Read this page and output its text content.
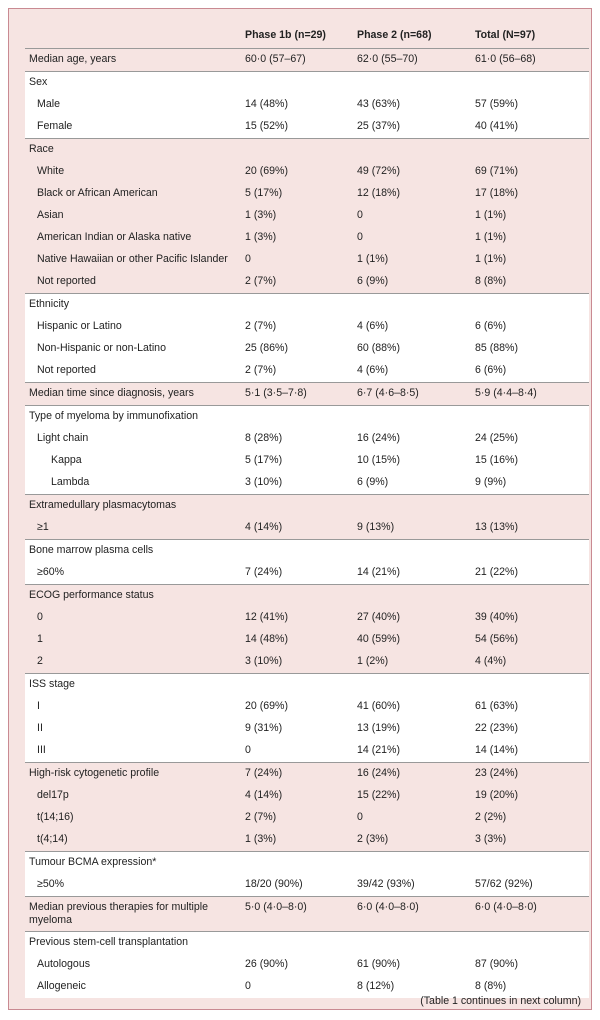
	Phase 1b (n=29)	Phase 2 (n=68)	Total (N=97)
Median age, years	60·0 (57–67)	62·0 (55–70)	61·0 (56–68)
Sex			
Male	14 (48%)	43 (63%)	57 (59%)
Female	15 (52%)	25 (37%)	40 (41%)
Race			
White	20 (69%)	49 (72%)	69 (71%)
Black or African American	5 (17%)	12 (18%)	17 (18%)
Asian	1 (3%)	0	1 (1%)
American Indian or Alaska native	1 (3%)	0	1 (1%)
Native Hawaiian or other Pacific Islander	0	1 (1%)	1 (1%)
Not reported	2 (7%)	6 (9%)	8 (8%)
Ethnicity			
Hispanic or Latino	2 (7%)	4 (6%)	6 (6%)
Non-Hispanic or non-Latino	25 (86%)	60 (88%)	85 (88%)
Not reported	2 (7%)	4 (6%)	6 (6%)
Median time since diagnosis, years	5·1 (3·5–7·8)	6·7 (4·6–8·5)	5·9 (4·4–8·4)
Type of myeloma by immunofixation			
Light chain	8 (28%)	16 (24%)	24 (25%)
Kappa	5 (17%)	10 (15%)	15 (16%)
Lambda	3 (10%)	6 (9%)	9 (9%)
Extramedullary plasmacytomas			
≥1	4 (14%)	9 (13%)	13 (13%)
Bone marrow plasma cells			
≥60%	7 (24%)	14 (21%)	21 (22%)
ECOG performance status			
0	12 (41%)	27 (40%)	39 (40%)
1	14 (48%)	40 (59%)	54 (56%)
2	3 (10%)	1 (2%)	4 (4%)
ISS stage			
I	20 (69%)	41 (60%)	61 (63%)
II	9 (31%)	13 (19%)	22 (23%)
III	0	14 (21%)	14 (14%)
High-risk cytogenetic profile	7 (24%)	16 (24%)	23 (24%)
del17p	4 (14%)	15 (22%)	19 (20%)
t(14;16)	2 (7%)	0	2 (2%)
t(4;14)	1 (3%)	2 (3%)	3 (3%)
Tumour BCMA expression*			
≥50%	18/20 (90%)	39/42 (93%)	57/62 (92%)
Median previous therapies for multiple myeloma	5·0 (4·0–8·0)	6·0 (4·0–8·0)	6·0 (4·0–8·0)
Previous stem-cell transplantation			
Autologous	26 (90%)	61 (90%)	87 (90%)
Allogeneic	0	8 (12%)	8 (8%)
(Table 1 continues in next column)
